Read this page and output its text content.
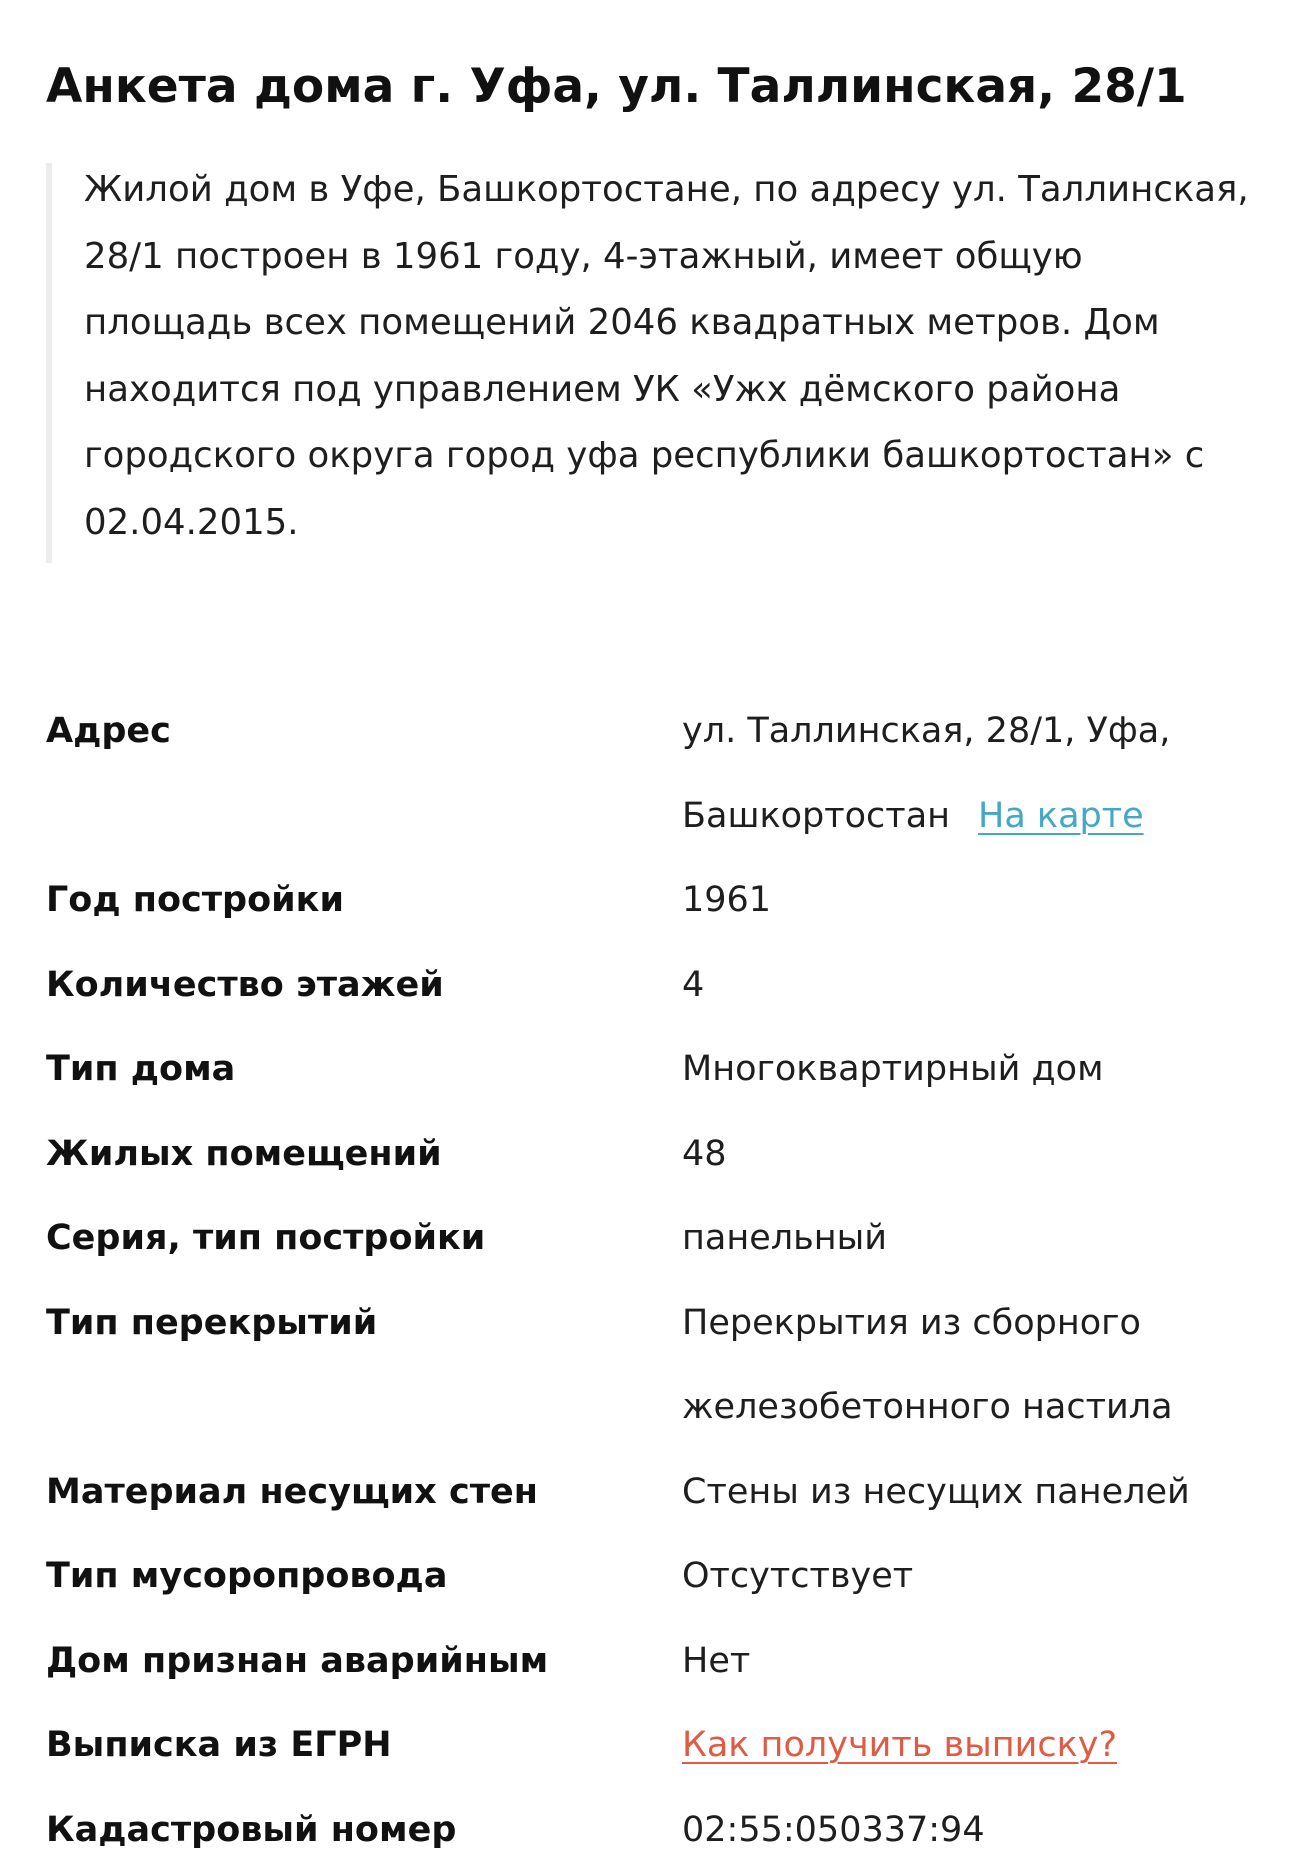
Анкета дома г. Уфа, ул. Таллинская, 28/1

Жилой дом в Уфе, Башкортостане, по адресу ул. Таллинская, 28/1 построен в 1961 году, 4-этажный, имеет общую площадь всех помещений 2046 квадратных метров. Дом находится под управлением УК «Ужх дёмского района городского округа город уфа республики башкортостан» с 02.04.2015.

Адрес	ул. Таллинская, 28/1, Уфа, Башкортостан На карте
Год постройки	1961
Количество этажей	4
Тип дома	Многоквартирный дом
Жилых помещений	48
Серия, тип постройки	панельный
Тип перекрытий	Перекрытия из сборного железобетонного настила
Материал несущих стен	Стены из несущих панелей
Тип мусоропровода	Отсутствует
Дом признан аварийным	Нет
Выписка из ЕГРН	Как получить выписку?
Кадастровый номер	02:55:050337:94
